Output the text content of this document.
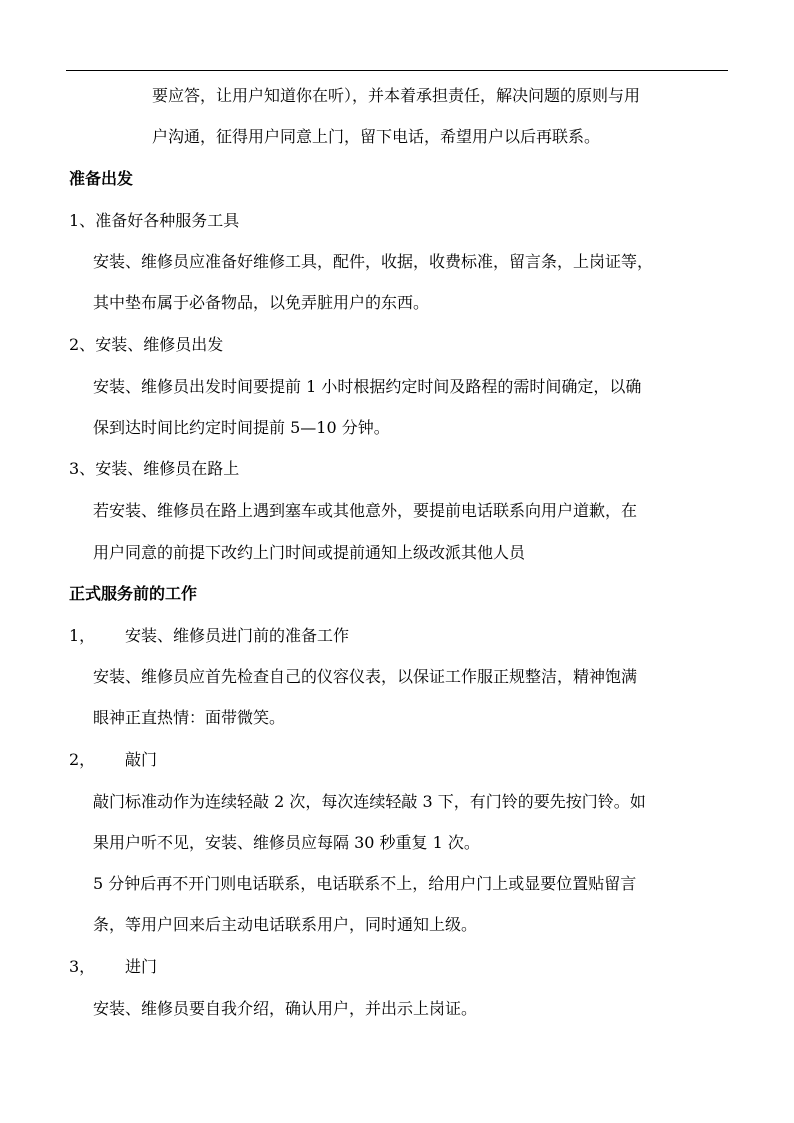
要应答，让用户知道你在听），并本着承担责任，解决问题的原则与用
户沟通，征得用户同意上门，留下电话，希望用户以后再联系。
准备出发
1、准备好各种服务工具
安装、维修员应准备好维修工具，配件，收据，收费标准，留言条，上岗证等，
其中垫布属于必备物品，以免弄脏用户的东西。
2、安装、维修员出发
安装、维修员出发时间要提前 1 小时根据约定时间及路程的需时间确定，以确
保到达时间比约定时间提前 5—10 分钟。
3、安装、维修员在路上
若安装、维修员在路上遇到塞车或其他意外，要提前电话联系向用户道歉，在
用户同意的前提下改约上门时间或提前通知上级改派其他人员
正式服务前的工作
1， 安装、维修员进门前的准备工作
安装、维修员应首先检查自己的仪容仪表，以保证工作服正规整洁，精神饱满
眼神正直热情：面带微笑。
2， 敲门
敲门标准动作为连续轻敲 2 次，每次连续轻敲 3 下，有门铃的要先按门铃。如
果用户听不见，安装、维修员应每隔 30 秒重复 1 次。
5 分钟后再不开门则电话联系，电话联系不上，给用户门上或显要位置贴留言
条，等用户回来后主动电话联系用户，同时通知上级。
3， 进门
安装、维修员要自我介绍，确认用户，并出示上岗证。
